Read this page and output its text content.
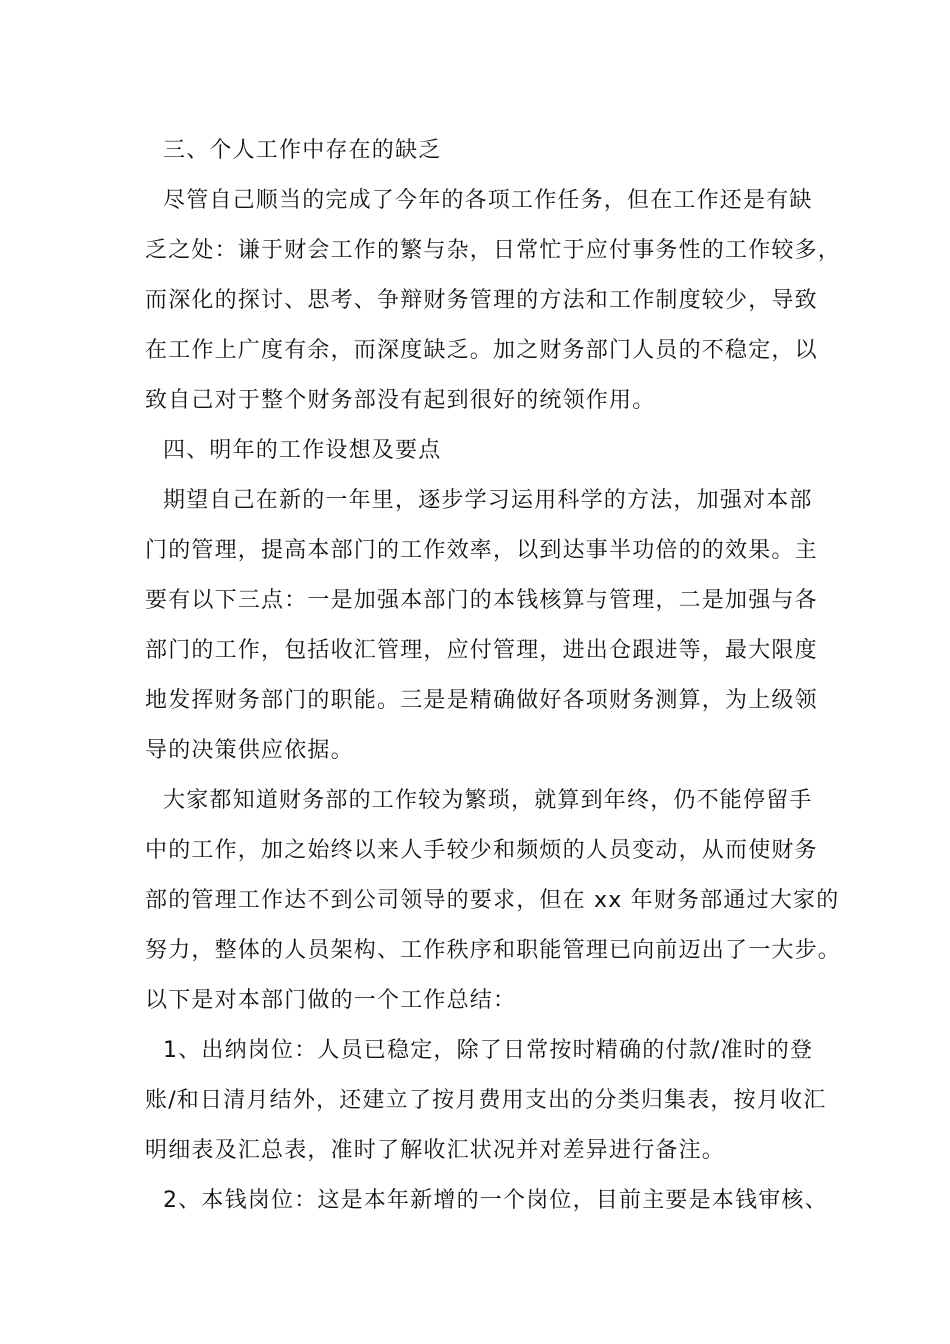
三、个人工作中存在的缺乏
尽管自己顺当的完成了今年的各项工作任务，但在工作还是有缺
乏之处：谦于财会工作的繁与杂，日常忙于应付事务性的工作较多，
而深化的探讨、思考、争辩财务管理的方法和工作制度较少，导致
在工作上广度有余，而深度缺乏。加之财务部门人员的不稳定，以
致自己对于整个财务部没有起到很好的统领作用。
四、明年的工作设想及要点
期望自己在新的一年里，逐步学习运用科学的方法，加强对本部
门的管理，提高本部门的工作效率，以到达事半功倍的的效果。主
要有以下三点：一是加强本部门的本钱核算与管理，二是加强与各
部门的工作，包括收汇管理，应付管理，进出仓跟进等，最大限度
地发挥财务部门的职能。三是是精确做好各项财务测算，为上级领
导的决策供应依据。
大家都知道财务部的工作较为繁琐，就算到年终，仍不能停留手
中的工作，加之始终以来人手较少和频烦的人员变动，从而使财务
部的管理工作达不到公司领导的要求，但在 xx 年财务部通过大家的
努力，整体的人员架构、工作秩序和职能管理已向前迈出了一大步。
以下是对本部门做的一个工作总结：
1、出纳岗位：人员已稳定，除了日常按时精确的付款/准时的登
账/和日清月结外，还建立了按月费用支出的分类归集表，按月收汇
明细表及汇总表，准时了解收汇状况并对差异进行备注。
2、本钱岗位：这是本年新增的一个岗位，目前主要是本钱审核、
